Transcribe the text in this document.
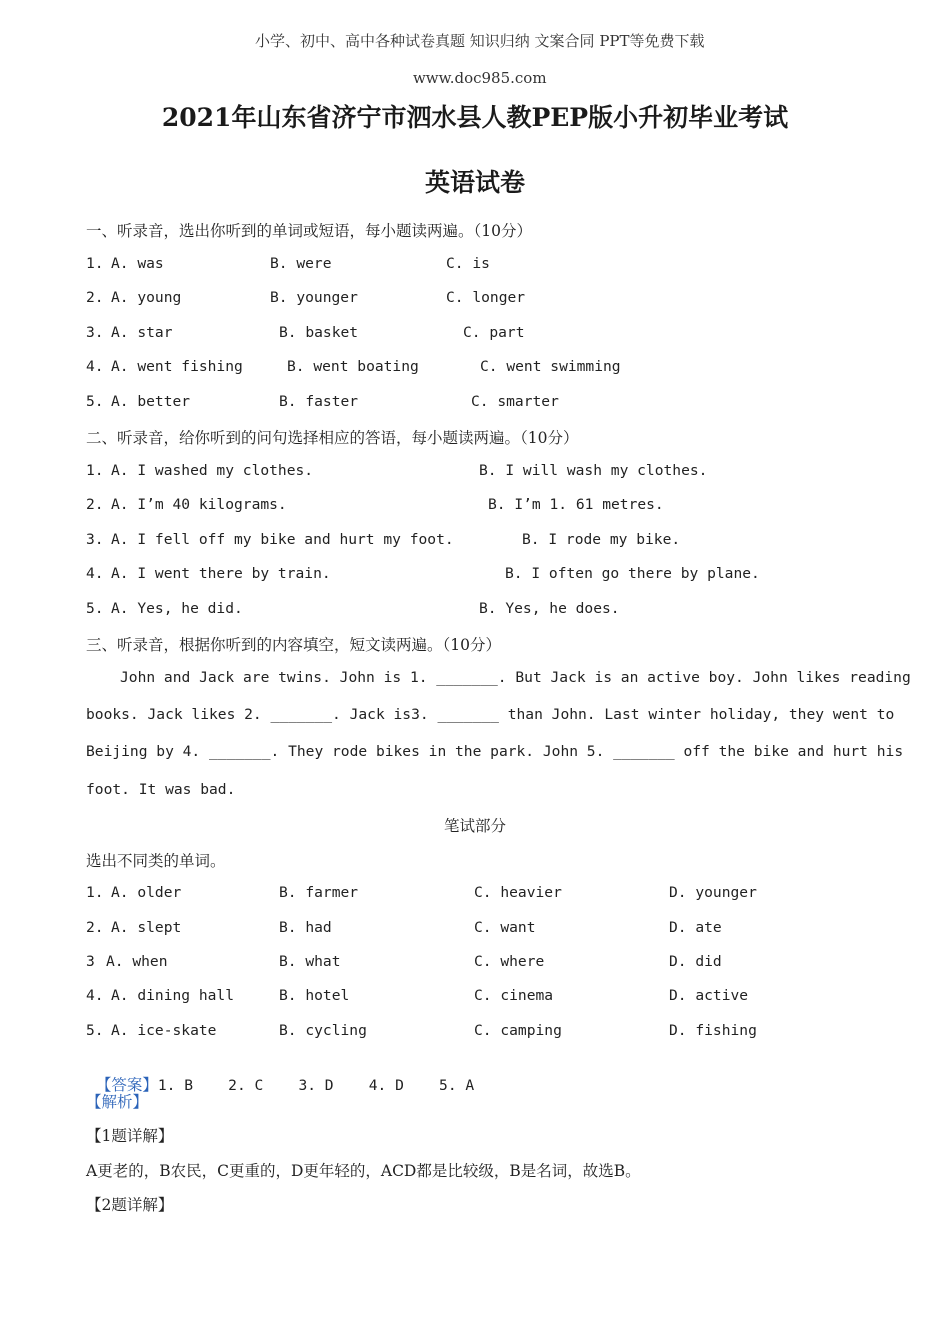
小学、初中、高中各种试卷真题 知识归纳 文案合同 PPT等免费下载

www.doc985.com

2021年山东省济宁市泗水县人教PEP版小升初毕业考试
英语试卷
一、听录音，选出你听到的单词或短语，每小题读两遍。（10分）
1. A. was	B. were	C. is
2. A. young	B. younger	C. longer
3. A. star	B. basket	C. part
4. A. went fishing	B. went boating	C. went swimming
5. A. better	B. faster	C. smarter
二、听录音，给你听到的问句选择相应的答语，每小题读两遍。（10分）
1. A. I washed my clothes.	B. I will wash my clothes.
2. A. I’m 40 kilograms.	B. I’m 1. 61 metres.
3. A. I fell off my bike and hurt my foot.	B. I rode my bike.
4. A. I went there by train.	B. I often go there by plane.
5. A. Yes, he did.	B. Yes, he does.
三、听录音，根据你听到的内容填空，短文读两遍。（10分）
John and Jack are twins. John is 1. _______. But Jack is an active boy. John likes reading
books. Jack likes 2. _______. Jack is3. _______ than John. Last winter holiday, they went to
Beijing by 4. _______. They rode bikes in the park. John 5. _______ off the bike and hurt his
foot. It was bad.
笔试部分
选出不同类的单词。
1. A. older	B. farmer	C. heavier	D. younger
2. A. slept	B. had	C. want	D. ate
3 A. when	B. what	C. where	D. did
4. A. dining hall	B. hotel	C. cinema	D. active
5. A. ice-skate	B. cycling	C. camping	D. fishing

【答案】1. B    2. C    3. D    4. D    5. A

【解析】
【1题详解】
A更老的，B农民，C更重的，D更年轻的，ACD都是比较级，B是名词，故选B。
【2题详解】
